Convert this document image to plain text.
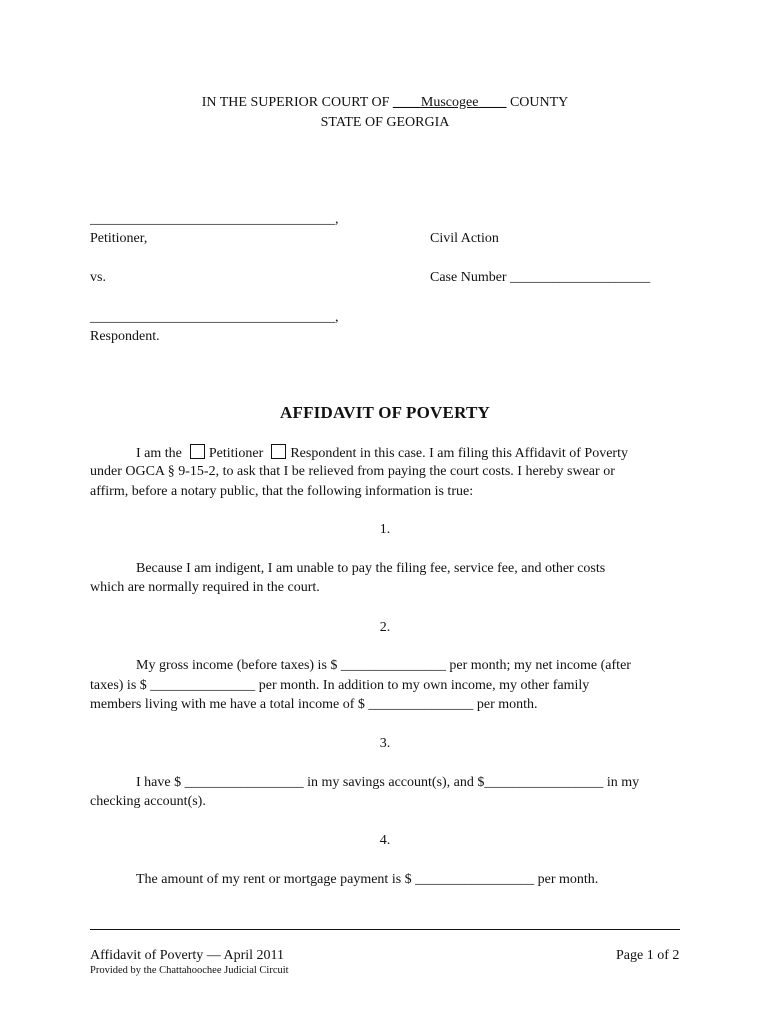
IN THE SUPERIOR COURT OF ____Muscogee____ COUNTY
STATE OF GEORGIA
___________________________________,
Petitioner,	Civil Action
vs.	Case Number ____________________
___________________________________,
Respondent.
AFFIDAVIT OF POVERTY
I am the Petitioner Respondent in this case. I am filing this Affidavit of Poverty
under OGCA § 9-15-2, to ask that I be relieved from paying the court costs. I hereby swear or
affirm, before a notary public, that the following information is true:
1.
Because I am indigent, I am unable to pay the filing fee, service fee, and other costs
which are normally required in the court.
2.
My gross income (before taxes) is $ _______________ per month; my net income (after
taxes) is $ _______________ per month. In addition to my own income, my other family
members living with me have a total income of $ _______________ per month.
3.
I have $ _________________ in my savings account(s), and $_________________ in my
checking account(s).
4.
The amount of my rent or mortgage payment is $ _________________ per month.
Affidavit of Poverty — April 2011
Provided by the Chattahoochee Judicial Circuit
Page 1 of 2
